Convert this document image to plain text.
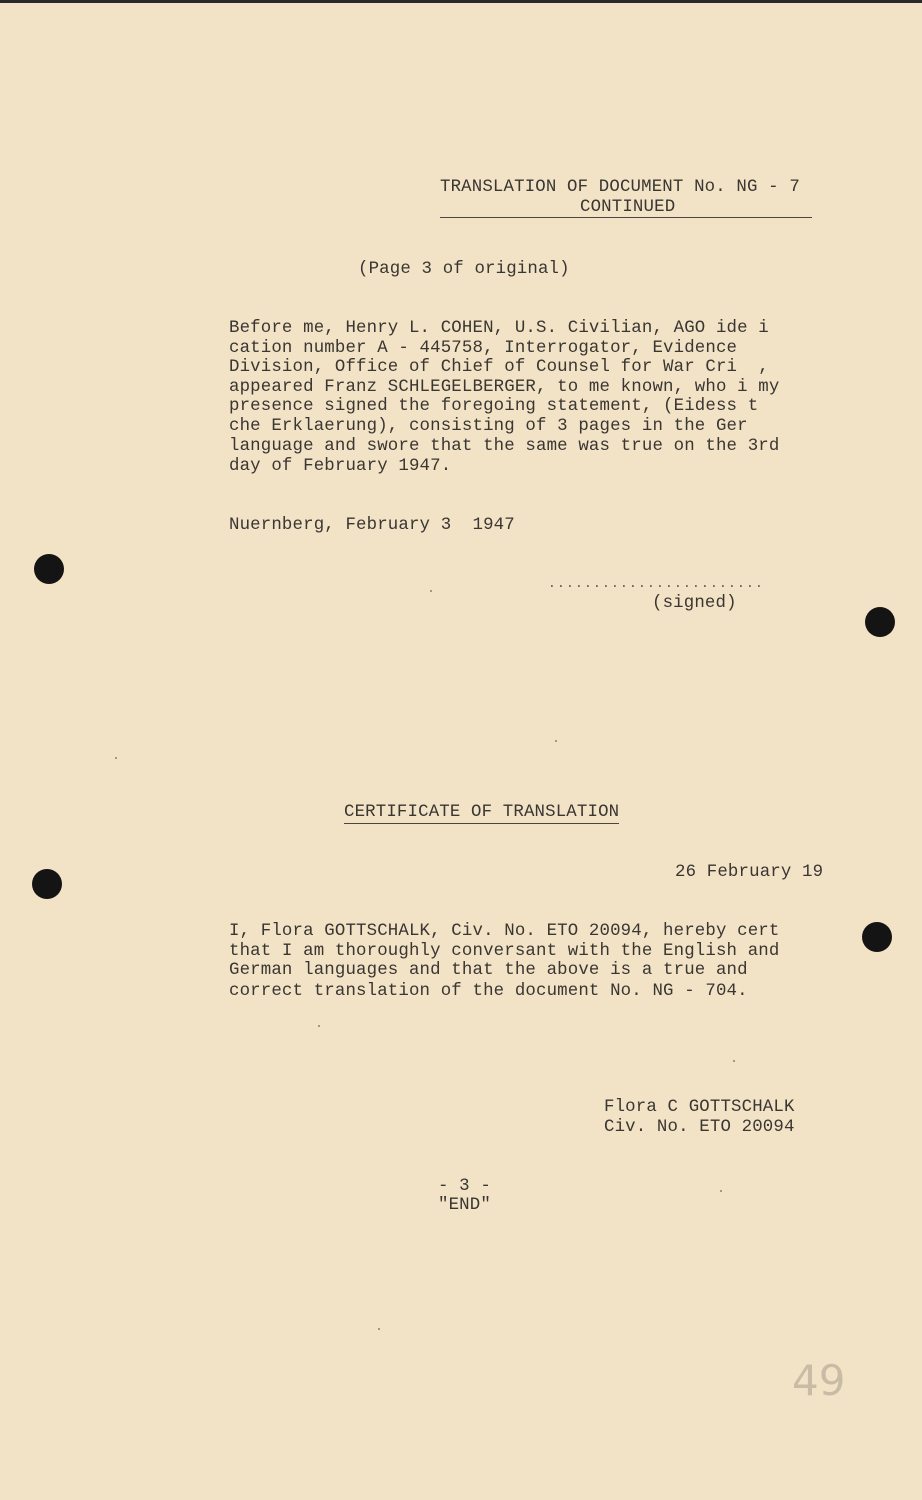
TRANSLATION OF DOCUMENT No. NG - 7
CONTINUED
(Page 3 of original)
Before me, Henry L. COHEN, U.S. Civilian, AGO ide i
cation number A - 445758, Interrogator, Evidence
Division, Office of Chief of Counsel for War Cri  ,
appeared Franz SCHLEGELBERGER, to me known, who i my
presence signed the foregoing statement, (Eidess t
che Erklaerung), consisting of 3 pages in the Ger
language and swore that the same was true on the 3rd
day of February 1947.
Nuernberg, February 3  1947
........................
(signed)
CERTIFICATE OF TRANSLATION
26 February 19
I, Flora GOTTSCHALK, Civ. No. ETO 20094, hereby cert
that I am thoroughly conversant with the English and
German languages and that the above is a true and
correct translation of the document No. NG - 704.
Flora C GOTTSCHALK
Civ. No. ETO 20094
- 3 -
"END"
49
